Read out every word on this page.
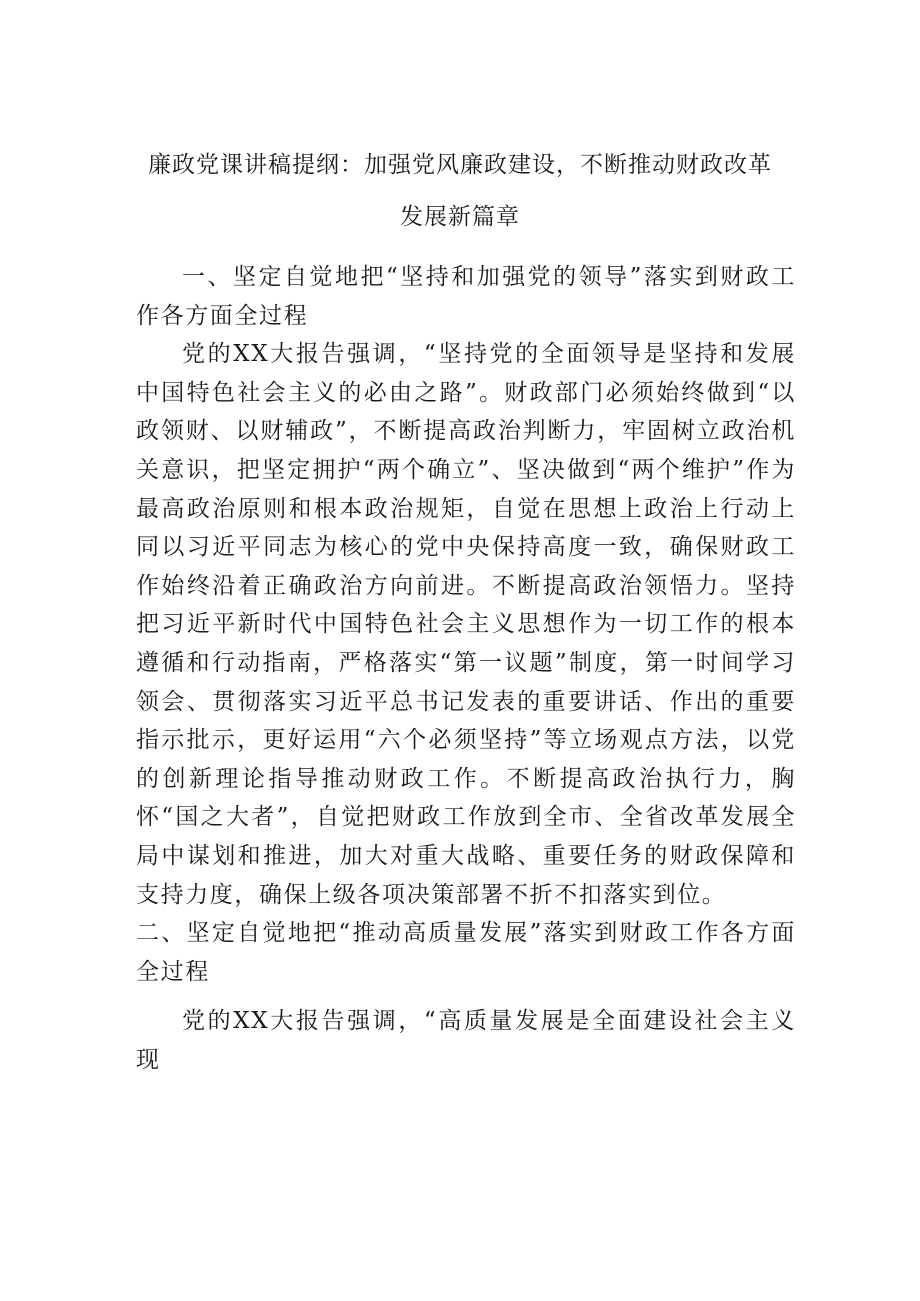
廉政党课讲稿提纲：加强党风廉政建设，不断推动财政改革
发展新篇章

一、坚定自觉地把“坚持和加强党的领导”落实到财政工作各方面全过程

党的XX大报告强调，“坚持党的全面领导是坚持和发展中国特色社会主义的必由之路”。财政部门必须始终做到“以政领财、以财辅政”，不断提高政治判断力，牢固树立政治机关意识，把坚定拥护“两个确立”、坚决做到“两个维护”作为最高政治原则和根本政治规矩，自觉在思想上政治上行动上同以习近平同志为核心的党中央保持高度一致，确保财政工作始终沿着正确政治方向前进。不断提高政治领悟力。坚持把习近平新时代中国特色社会主义思想作为一切工作的根本遵循和行动指南，严格落实“第一议题”制度，第一时间学习领会、贯彻落实习近平总书记发表的重要讲话、作出的重要指示批示，更好运用“六个必须坚持”等立场观点方法，以党的创新理论指导推动财政工作。不断提高政治执行力，胸怀“国之大者”，自觉把财政工作放到全市、全省改革发展全局中谋划和推进，加大对重大战略、重要任务的财政保障和支持力度，确保上级各项决策部署不折不扣落实到位。

二、坚定自觉地把“推动高质量发展”落实到财政工作各方面全过程

党的XX大报告强调，“高质量发展是全面建设社会主义现
